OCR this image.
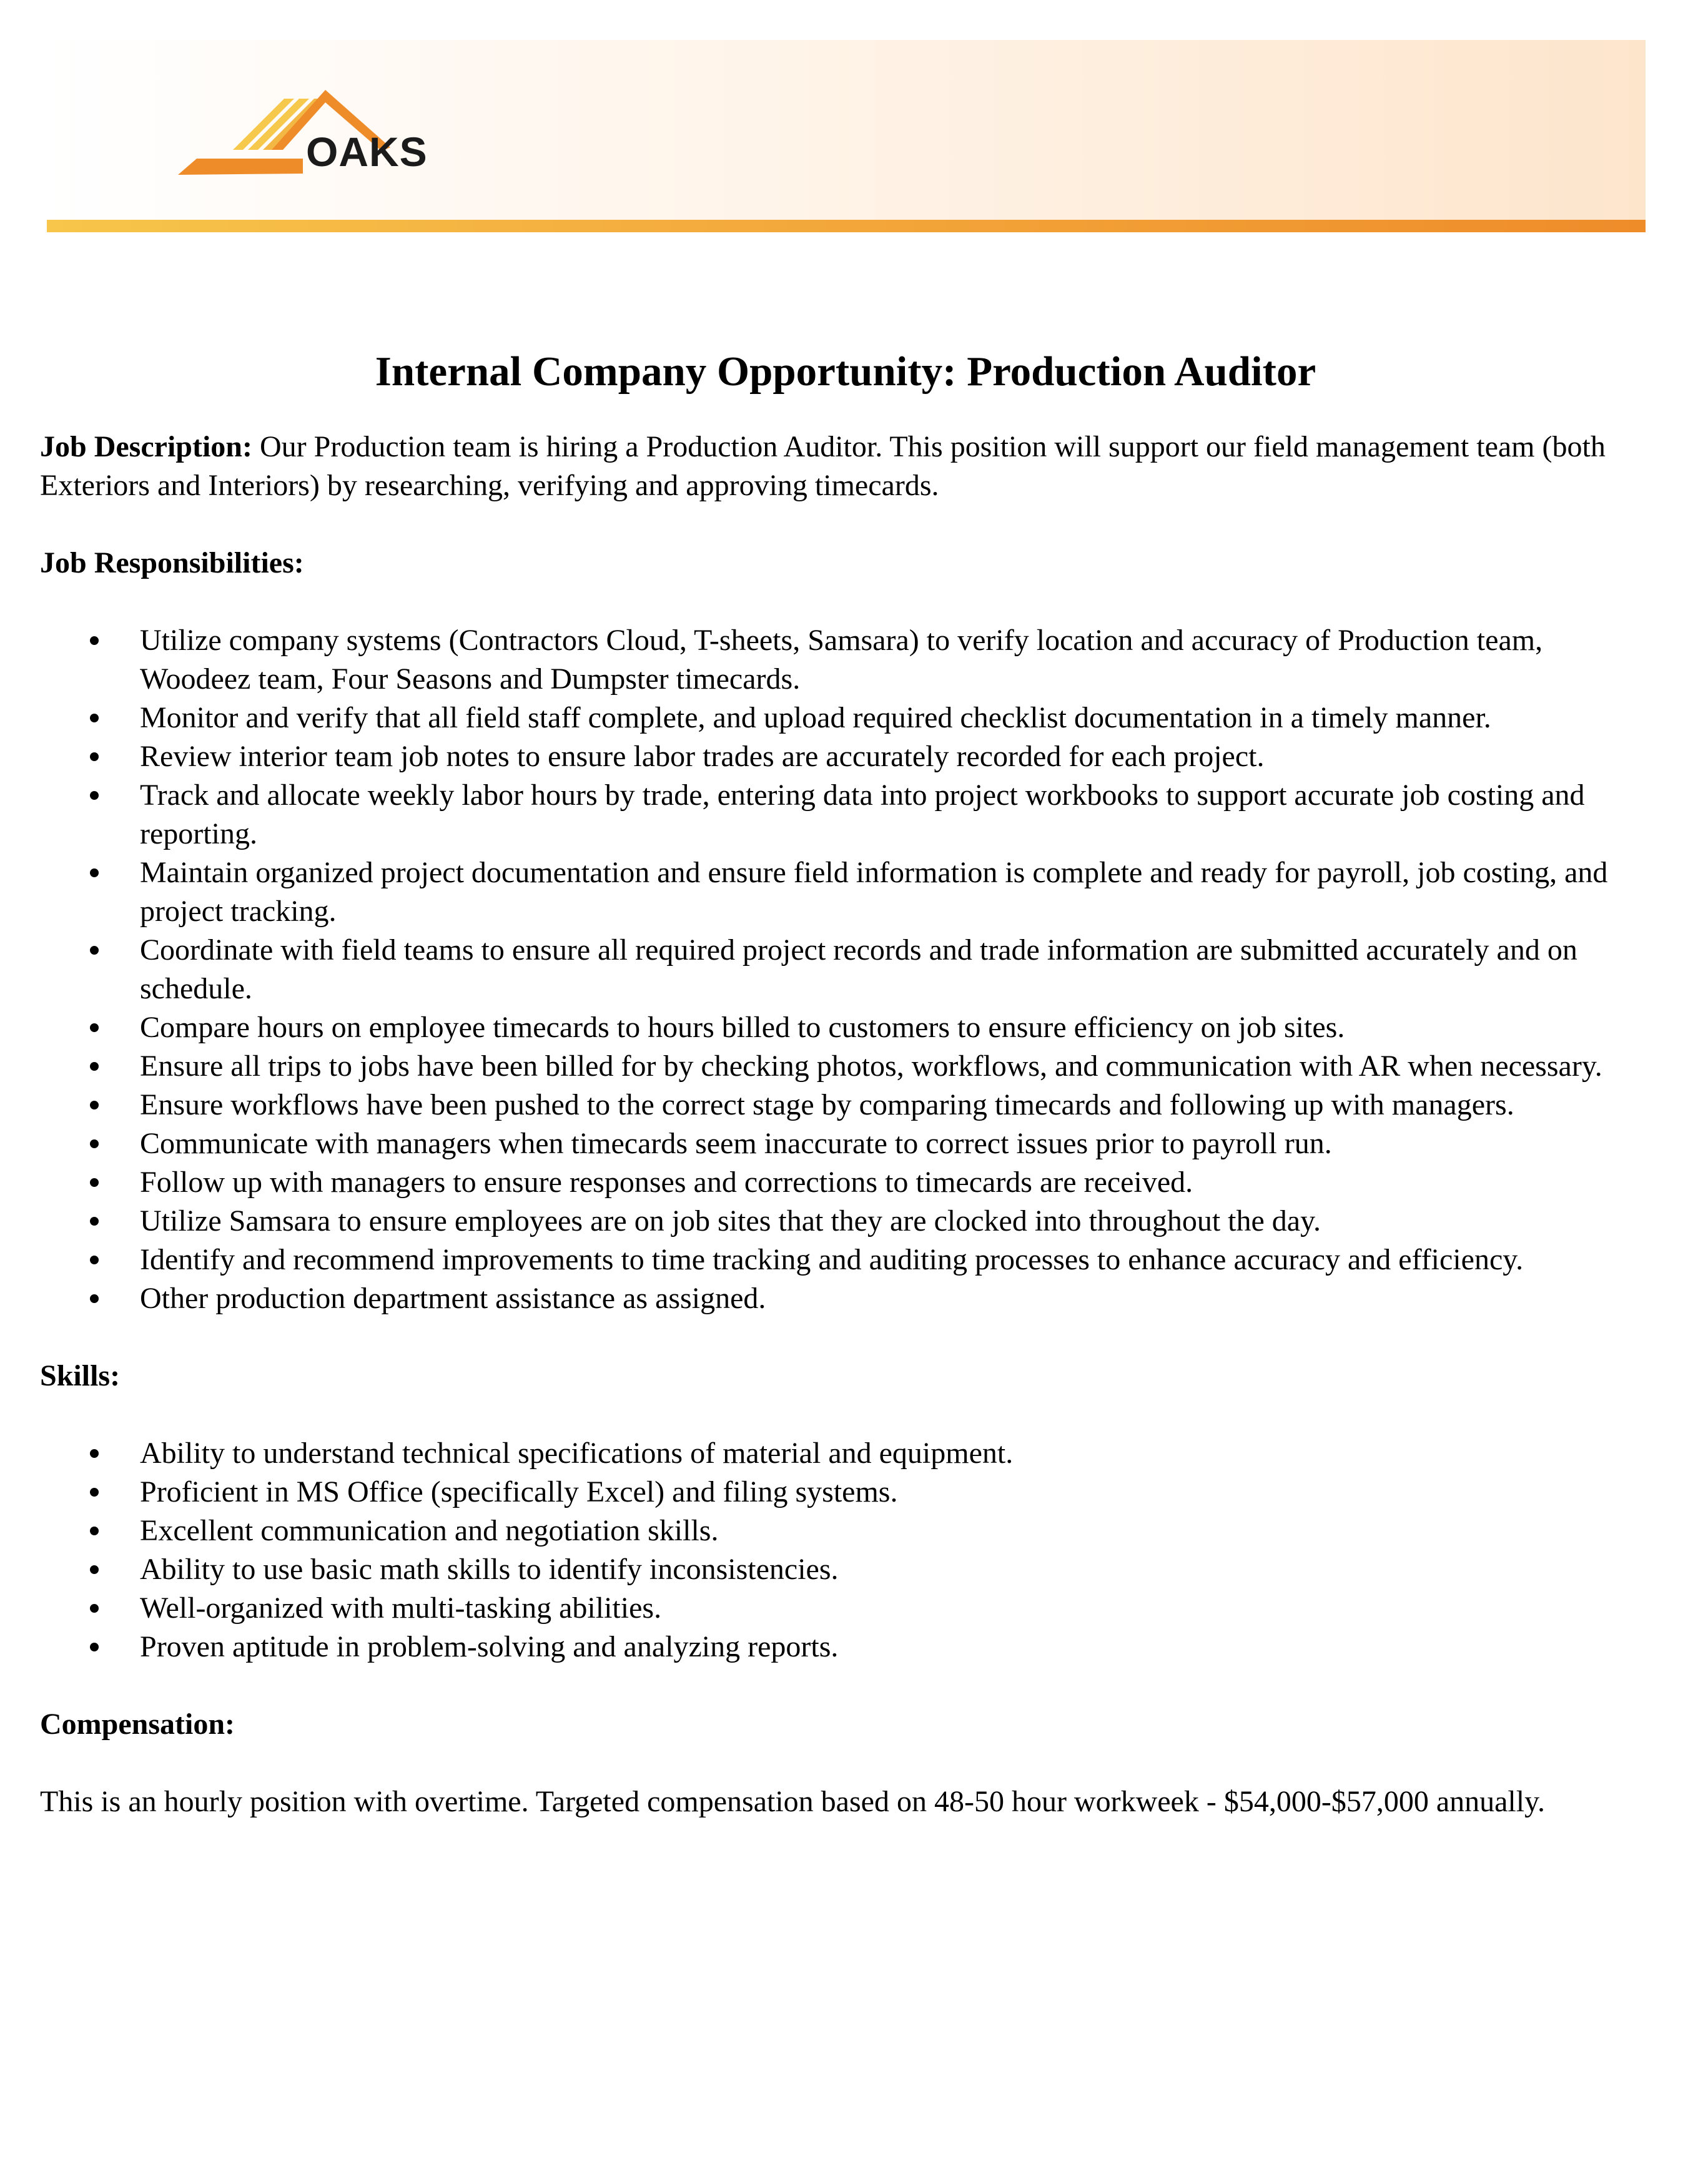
OAKS
Internal Company Opportunity: Production Auditor

Job Description: Our Production team is hiring a Production Auditor. This position will support our field management team (both Exteriors and Interiors) by researching, verifying and approving timecards.

Job Responsibilities:
Utilize company systems (Contractors Cloud, T-sheets, Samsara) to verify location and accuracy of Production team, Woodeez team, Four Seasons and Dumpster timecards.
Monitor and verify that all field staff complete, and upload required checklist documentation in a timely manner.
Review interior team job notes to ensure labor trades are accurately recorded for each project.
Track and allocate weekly labor hours by trade, entering data into project workbooks to support accurate job costing and reporting.
Maintain organized project documentation and ensure field information is complete and ready for payroll, job costing, and project tracking.
Coordinate with field teams to ensure all required project records and trade information are submitted accurately and on schedule.
Compare hours on employee timecards to hours billed to customers to ensure efficiency on job sites.
Ensure all trips to jobs have been billed for by checking photos, workflows, and communication with AR when necessary.
Ensure workflows have been pushed to the correct stage by comparing timecards and following up with managers.
Communicate with managers when timecards seem inaccurate to correct issues prior to payroll run.
Follow up with managers to ensure responses and corrections to timecards are received.
Utilize Samsara to ensure employees are on job sites that they are clocked into throughout the day.
Identify and recommend improvements to time tracking and auditing processes to enhance accuracy and efficiency.
Other production department assistance as assigned.
Skills:
Ability to understand technical specifications of material and equipment.
Proficient in MS Office (specifically Excel) and filing systems.
Excellent communication and negotiation skills.
Ability to use basic math skills to identify inconsistencies.
Well-organized with multi-tasking abilities.
Proven aptitude in problem-solving and analyzing reports.
Compensation:

This is an hourly position with overtime. Targeted compensation based on 48-50 hour workweek - $54,000-$57,000 annually.
